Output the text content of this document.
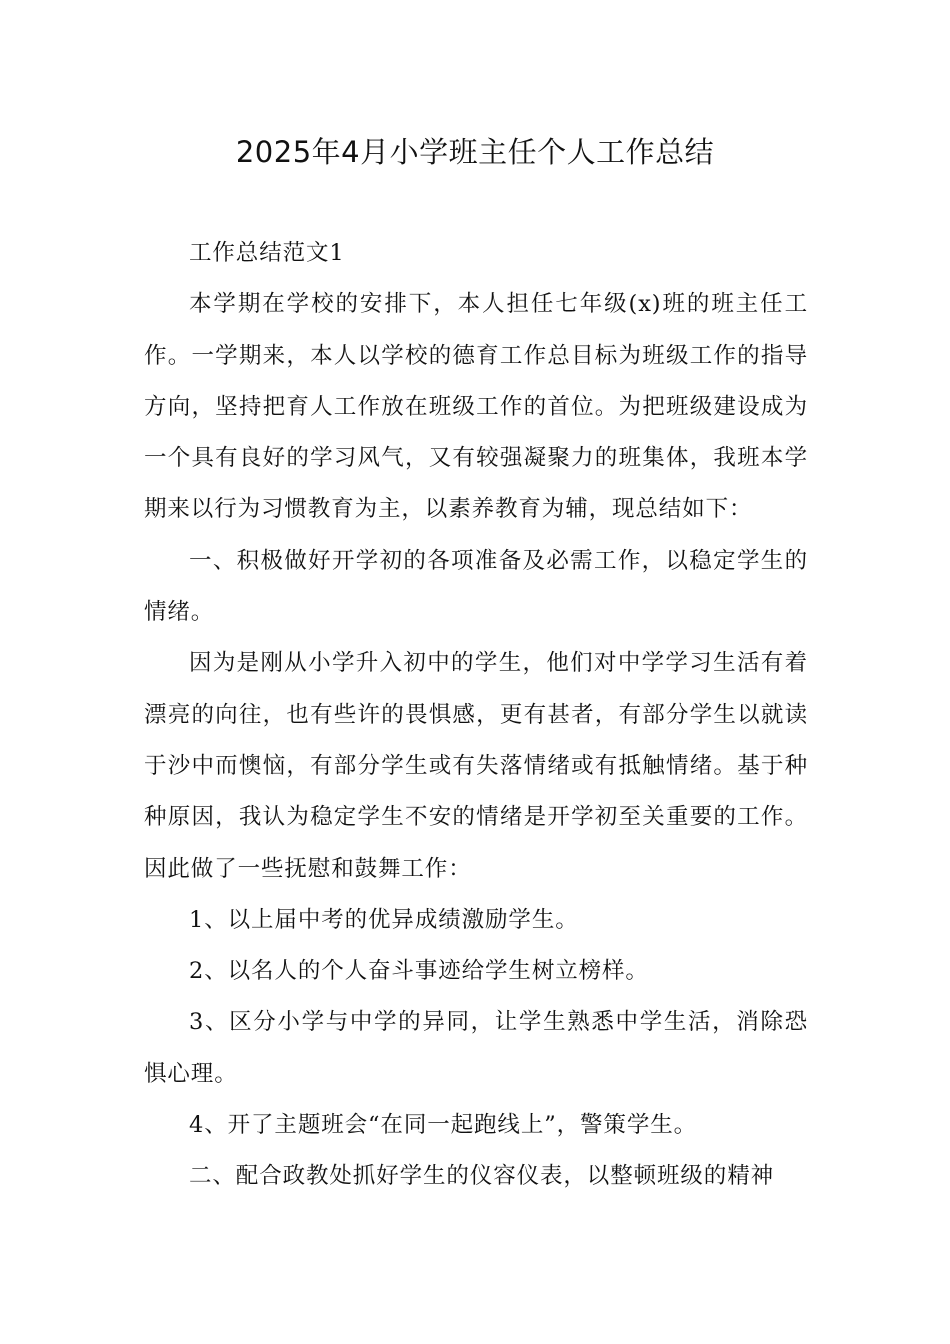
2025年4月小学班主任个人工作总结

工作总结范文1

本学期在学校的安排下，本人担任七年级(x)班的班主任工作。一学期来，本人以学校的德育工作总目标为班级工作的指导方向，坚持把育人工作放在班级工作的首位。为把班级建设成为一个具有良好的学习风气，又有较强凝聚力的班集体，我班本学期来以行为习惯教育为主，以素养教育为辅，现总结如下：

一、积极做好开学初的各项准备及必需工作，以稳定学生的情绪。

因为是刚从小学升入初中的学生，他们对中学学习生活有着漂亮的向往，也有些许的畏惧感，更有甚者，有部分学生以就读于沙中而懊恼，有部分学生或有失落情绪或有抵触情绪。基于种种原因，我认为稳定学生不安的情绪是开学初至关重要的工作。因此做了一些抚慰和鼓舞工作：

1、以上届中考的优异成绩激励学生。

2、以名人的个人奋斗事迹给学生树立榜样。

3、区分小学与中学的异同，让学生熟悉中学生活，消除恐惧心理。

4、开了主题班会“在同一起跑线上”，警策学生。

二、配合政教处抓好学生的仪容仪表，以整顿班级的精神
